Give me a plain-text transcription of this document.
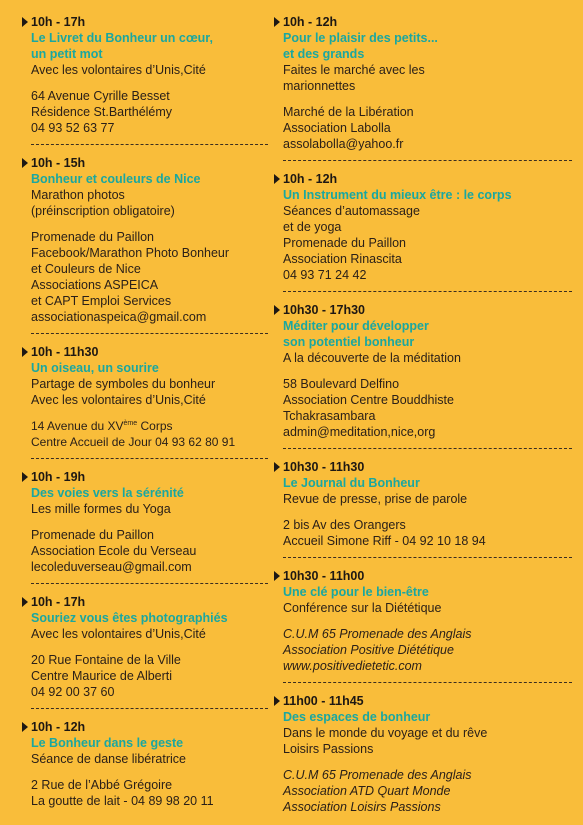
10h - 17h
Le Livret du Bonheur un cœur,
un petit mot
Avec les volontaires d’Unis,Cité
64 Avenue Cyrille Besset
Résidence St.Barthélémy
04 93 52 63 77
10h - 15h
Bonheur et couleurs de Nice
Marathon photos
(préinscription obligatoire)
Promenade du Paillon
Facebook/Marathon Photo Bonheur
et Couleurs de Nice
Associations ASPEICA
et CAPT Emploi Services
associationaspeica@gmail.com
10h - 11h30
Un oiseau, un sourire
Partage de symboles du bonheur
Avec les volontaires d’Unis,Cité
14 Avenue du XVème Corps
Centre Accueil de Jour 04 93 62 80 91
10h - 19h
Des voies vers la sérénité
Les mille formes du Yoga
Promenade du Paillon
Association Ecole du Verseau
lecoleduverseau@gmail.com
10h - 17h
Souriez vous êtes photographiés
Avec les volontaires d’Unis,Cité
20 Rue Fontaine de la Ville
Centre Maurice de Alberti
04 92 00 37 60
10h - 12h
Le Bonheur dans le geste
Séance de danse libératrice
2 Rue de l’Abbé Grégoire
La goutte de lait - 04 89 98 20 11
10h - 12h
Pour le plaisir des petits...
et des grands
Faites le marché avec les
marionnettes
Marché de la Libération
Association Labolla
assolabolla@yahoo.fr
10h - 12h
Un Instrument du mieux être : le corps
Séances d’automassage
et de yoga
Promenade du Paillon
Association Rinascita
04 93 71 24 42
10h30 - 17h30
Méditer pour développer
son potentiel bonheur
A la découverte de la méditation
58 Boulevard Delfino
Association Centre Bouddhiste
Tchakrasambara
admin@meditation,nice,org
10h30 - 11h30
Le Journal du Bonheur
Revue de presse, prise de parole
2 bis Av des Orangers
Accueil Simone Riff - 04 92 10 18 94
10h30 - 11h00
Une clé pour le bien-être
Conférence sur la Diététique
C.U.M 65 Promenade des Anglais
Association Positive Diététique
www.positivedietetic.com
11h00 - 11h45
Des espaces de bonheur
Dans le monde du voyage et du rêve
Loisirs Passions
C.U.M 65 Promenade des Anglais
Association ATD Quart Monde
Association Loisirs Passions
